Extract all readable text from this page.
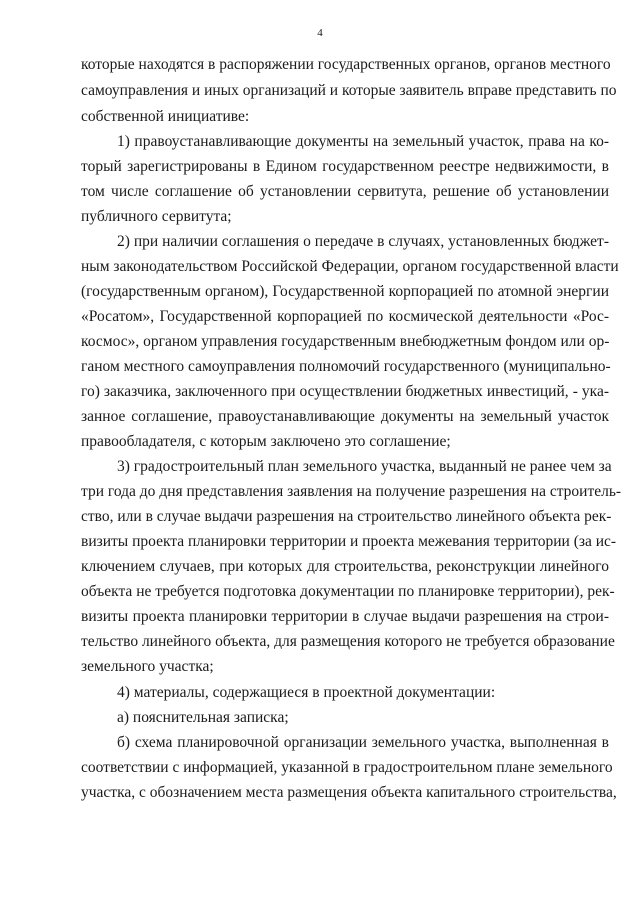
4
которые находятся в распоряжении государственных органов, органов местного
самоуправления и иных организаций и которые заявитель вправе представить по
собственной инициативе:
1) правоустанавливающие документы на земельный участок, права на ко-
торый зарегистрированы в Едином государственном реестре недвижимости, в
том числе соглашение об установлении сервитута, решение об установлении
публичного сервитута;
2) при наличии соглашения о передаче в случаях, установленных бюджет-
ным законодательством Российской Федерации, органом государственной власти
(государственным органом), Государственной корпорацией по атомной энергии
«Росатом», Государственной корпорацией по космической деятельности «Рос-
космос», органом управления государственным внебюджетным фондом или ор-
ганом местного самоуправления полномочий государственного (муниципально-
го) заказчика, заключенного при осуществлении бюджетных инвестиций, - ука-
занное соглашение, правоустанавливающие документы на земельный участок
правообладателя, с которым заключено это соглашение;
3) градостроительный план земельного участка, выданный не ранее чем за
три года до дня представления заявления на получение разрешения на строитель-
ство, или в случае выдачи разрешения на строительство линейного объекта рек-
визиты проекта планировки территории и проекта межевания территории (за ис-
ключением случаев, при которых для строительства, реконструкции линейного
объекта не требуется подготовка документации по планировке территории), рек-
визиты проекта планировки территории в случае выдачи разрешения на строи-
тельство линейного объекта, для размещения которого не требуется образование
земельного участка;
4) материалы, содержащиеся в проектной документации:
а) пояснительная записка;
б) схема планировочной организации земельного участка, выполненная в
соответствии с информацией, указанной в градостроительном плане земельного
участка, с обозначением места размещения объекта капитального строительства,
